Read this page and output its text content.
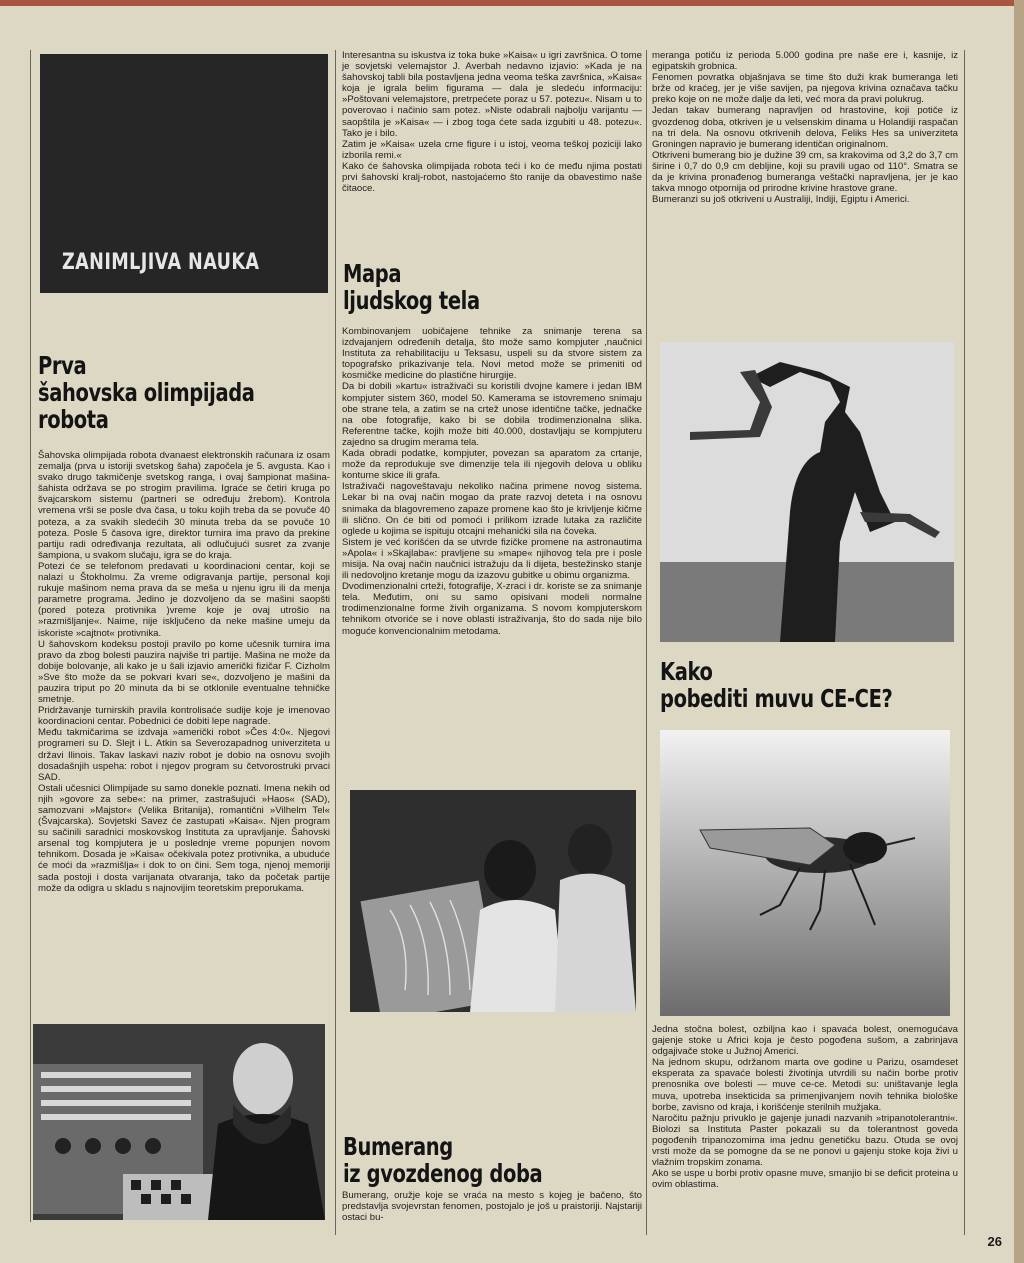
ZANIMLJIVA NAUKA
Prva
šahovska olimpijada
robota

Šahovska olimpijada robota dvanaest elektronskih računara iz osam zemalja (prva u istoriji svetskog šaha) započela je 5. avgusta. Kao i svako drugo takmičenje svetskog ranga, i ovaj šampionat mašina-šahista održava se po strogim pravilima. Igraće se četiri kruga po švajcarskom sistemu (partneri se određuju žrebom). Kontrola vremena vrši se posle dva časa, u toku kojih treba da se povuče 40 poteza, a za svakih sledećih 30 minuta treba da se povuče 10 poteza. Posle 5 časova igre, direktor turnira ima pravo da prekine partiju radi određivanja rezultata, ali odlučujući susret za zvanje šampiona, u svakom slučaju, igra se do kraja.
Potezi će se telefonom predavati u koordinacioni centar, koji se nalazi u Štokholmu. Za vreme odigravanja partije, personal koji rukuje mašinom nema prava da se meša u njenu igru ili da menja parametre programa. Jedino je dozvoljeno da se mašini saopšti (pored poteza protivnika )vreme koje je ovaj utrošio na »razmišljanje«. Naime, nije isključeno da neke mašine umeju da iskoriste »cajtnot« protivnika.
U šahovskom kodeksu postoji pravilo po kome učesnik turnira ima pravo da zbog bolesti pauzira najviše tri partije. Mašina ne može da dobije bolovanje, ali kako je u šali izjavio američki fizičar F. Cizholm »Sve što može da se pokvari kvari se«, dozvoljeno je mašini da pauzira triput po 20 minuta da bi se otklonile eventualne tehničke smetnje.
Pridržavanje turnirskih pravila kontrolisaće sudije koje je imenovao koordinacioni centar. Pobednici će dobiti lepe nagrade.
Među takmičarima se izdvaja »američki robot »Čes 4:0«. Njegovi programeri su D. Slejt i L. Atkin sa Severozapadnog univerziteta u državi Ilinois. Takav laskavi naziv robot je dobio na osnovu svojih dosadašnjih uspeha: robot i njegov program su četvorostruki prvaci SAD.
Ostali učesnici Olimpijade su samo donekle poznati. Imena nekih od njih »govore za sebe«: na primer, zastrašujući »Haos« (SAD), samozvani »Majstor« (Velika Britanija), romantični »Vilhelm Tel« (Švajcarska). Sovjetski Savez će zastupati »Kaisa«. Njen program su sačinili saradnici moskovskog Instituta za upravljanje. Šahovski arsenal tog kompjutera je u poslednje vreme popunjen novom tehnikom. Dosada je »Kaisa« očekivala potez protivnika, a ubuduće će moći da »razmišlja« i dok to on čini. Sem toga, njenoj memoriji sada postoji i dosta varijanata otvaranja, tako da početak partije može da odigra u skladu s najnovijim teoretskim preporukama.

Interesantna su iskustva iz toka buke »Kaisa« u igri završnica. O tome je sovjetski velemajstor J. Averbah nedavno izjavio: »Kada je na šahovskoj tabli bila postavljena jedna veoma teška završnica, »Kaisa« koja je igrala belim figurama — dala je sledeću informaciju: »Poštovani velemajstore, pretrpećete poraz u 57. potezu«. Nisam u to poverovao i načinio sam potez. »Niste odabrali najbolju varijantu — saopštila je »Kaisa« — i zbog toga ćete sada izgubiti u 48. potezu«. Tako je i bilo.
Zatim je »Kaisa« uzela crne figure i u istoj, veoma teškoj poziciji lako izborila remi.«
Kako će šahovska olimpijada robota teći i ko će među njima postati prvi šahovski kralj-robot, nastojaćemo što ranije da obavestimo naše čitaoce.

Mapa
ljudskog tela

Kombinovanjem uobičajene tehnike za snimanje terena sa izdvajanjem određenih detalja, što može samo kompjuter ,naučnici Instituta za rehabilitaciju u Teksasu, uspeli su da stvore sistem za topografsko prikazivanje tela. Novi metod može se primeniti od kosmičke medicine do plastične hirurgije.
Da bi dobili »kartu« istraživači su koristili dvojne kamere i jedan IBM kompjuter sistem 360, model 50. Kamerama se istovremeno snimaju obe strane tela, a zatim se na crtež unose identične tačke, jednačke na obe fotografije, kako bi se dobila trodimenzionalna slika. Referentne tačke, kojih može biti 40.000, dostavljaju se kompjuteru zajedno sa drugim merama tela.
Kada obradi podatke, kompjuter, povezan sa aparatom za crtanje, može da reprodukuje sve dimenzije tela ili njegovih delova u obliku konturne skice ili grafa.
Istraživači nagoveštavaju nekoliko načina primene novog sistema. Lekar bi na ovaj način mogao da prate razvoj deteta i na osnovu snimaka da blagovremeno zapaze promene kao što je krivljenje kičme ili slično. On će biti od pomoći i prilikom izrade lutaka za različite oglede u kojima se ispituju otcajni mehanićki sila na čoveka.
Sistem je već korišćen da se utvrde fizičke promene na astronautima »Apola« i »Skajlaba«: pravljene su »mape« njihovog tela pre i posle misija. Na ovaj način naučnici istražuju da li dijeta, bestežinsko stanje ili nedovoljno kretanje mogu da izazovu gubitke u obimu organizma.
Dvodimenzionalni crteži, fotografije, X-zraci i dr. koriste se za snimanje tela. Međutim, oni su samo opisivani modeli normalne trodimenzionalne forme živih organizama. S novom kompjuterskom tehnikom otvoriće se i nove oblasti istraživanja, što do sada nije bilo moguće konvencionalnim metodama.

Bumerang
iz gvozdenog doba

Bumerang, oružje koje se vraća na mesto s kojeg je bačeno, što predstavlja svojevrstan fenomen, postojalo je još u praistoriji. Najstariji ostaci bu-

meranga potiču iz perioda 5.000 godina pre naše ere i, kasnije, iz egipatskih grobnica.
Fenomen povratka objašnjava se time što duži krak bumeranga leti brže od kraćeg, jer je više savijen, pa njegova krivina označava tačku preko koje on ne može dalje da leti, već mora da pravi polukrug.
Jedan takav bumerang napravljen od hrastovine, koji potiče iz gvozdenog doba, otkriven je u velsenskim dinama u Holandiji raspačan na tri dela. Na osnovu otkrivenih delova, Feliks Hes sa univerziteta Groningen napravio je bumerang identičan originalnom.
Otkriveni bumerang bio je dužine 39 cm, sa krakovima od 3,2 do 3,7 cm širine i 0,7 do 0,9 cm debljine, koji su pravili ugao od 110°. Smatra se da je krivina pronađenog bumeranga veštački napravljena, jer je kao takva mnogo otpornija od prirodne krivine hrastove grane.
Bumeranzi su još otkriveni u Australiji, Indiji, Egiptu i Americi.

Kako
pobediti muvu CE-CE?

Jedna stočna bolest, ozbiljna kao i spavaća bolest, onemogućava gajenje stoke u Africi koja je često pogođena sušom, a zabrinjava odgajivače stoke u Južnoj Americi.
Na jednom skupu, održanom marta ove godine u Parizu, osamdeset eksperata za spavaće bolesti životinja utvrdili su način borbe protiv prenosnika ove bolesti — muve ce-ce. Metodi su: uništavanje legla muva, upotreba insekticida sa primenjivanjem novih tehnika biološke borbe, zavisno od kraja, i korišćenje sterilnih mužjaka.
Naročitu pažnju privuklo je gajenje junadi nazvanih »tripanotolerantni«. Biolozi sa Instituta Paster pokazali su da tolerantnost goveda pogođenih tripanozomima ima jednu genetičku bazu. Otuda se ovoj vrsti može da se pomogne da se ne ponovi u gajenju stoke koja živi u vlažnim tropskim zonama.
Ako se uspe u borbi protiv opasne muve, smanjio bi se deficit proteina u ovim oblastima.

26
